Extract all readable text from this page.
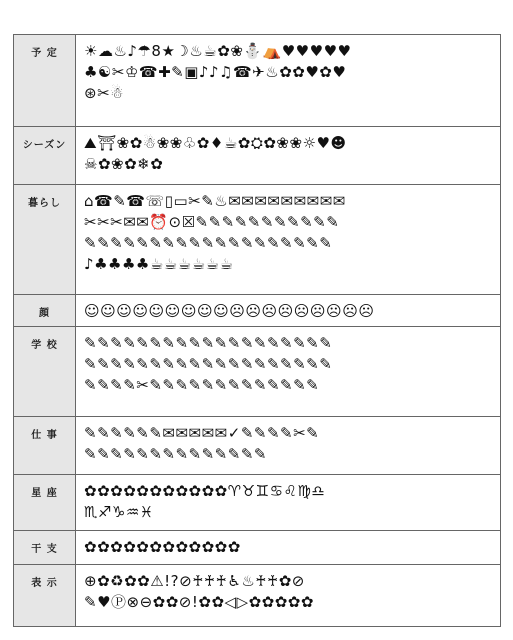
予 定	☀☁♨♪☂8★☽♨☕✿❀⛄⛺♥♥♥♥♥
♣☯✂♔☎✚✎▣♪♪♫☎✈♨✿✿♥✿♥
⊛✂☃
シーズン	⛰⛩❀✿☃❀❀♧✿♦☕✿⛭✿❀❀☼♥☻
☠✿❀✿❄✿
暮らし	⌂☎✎☎☏▯▭✂✎♨✉✉✉✉✉✉✉✉✉
✂✂✂✉✉⏰⊙☒✎✎✎✎✎✎✎✎✎✎✎
✎✎✎✎✎✎✎✎✎✎✎✎✎✎✎✎✎✎✎
♪♣♣♣♣☕☕☕☕☕☕
顔	☺☺☺☺☺☺☺☺☺☹☹☹☹☹☹☹☹☹
学 校	✎✎✎✎✎✎✎✎✎✎✎✎✎✎✎✎✎✎✎
✎✎✎✎✎✎✎✎✎✎✎✎✎✎✎✎✎✎✎
✎✎✎✎✂✎✎✎✎✎✎✎✎✎✎✎✎✎
仕 事	✎✎✎✎✎✎✉✉✉✉✉✓✎✎✎✎✂✎
✎✎✎✎✎✎✎✎✎✎✎✎✎✎
星 座	✿✿✿✿✿✿✿✿✿✿✿♈♉♊♋♌♍♎
♏♐♑♒♓
干 支	✿✿✿✿✿✿✿✿✿✿✿✿
表 示	⊕✿♻✿✿⚠!?⊘♰♰♰♿♨♰♰✿⊘
✎♥Ⓟ⊗⊖✿✿⊘!✿✿◁▷✿✿✿✿✿
